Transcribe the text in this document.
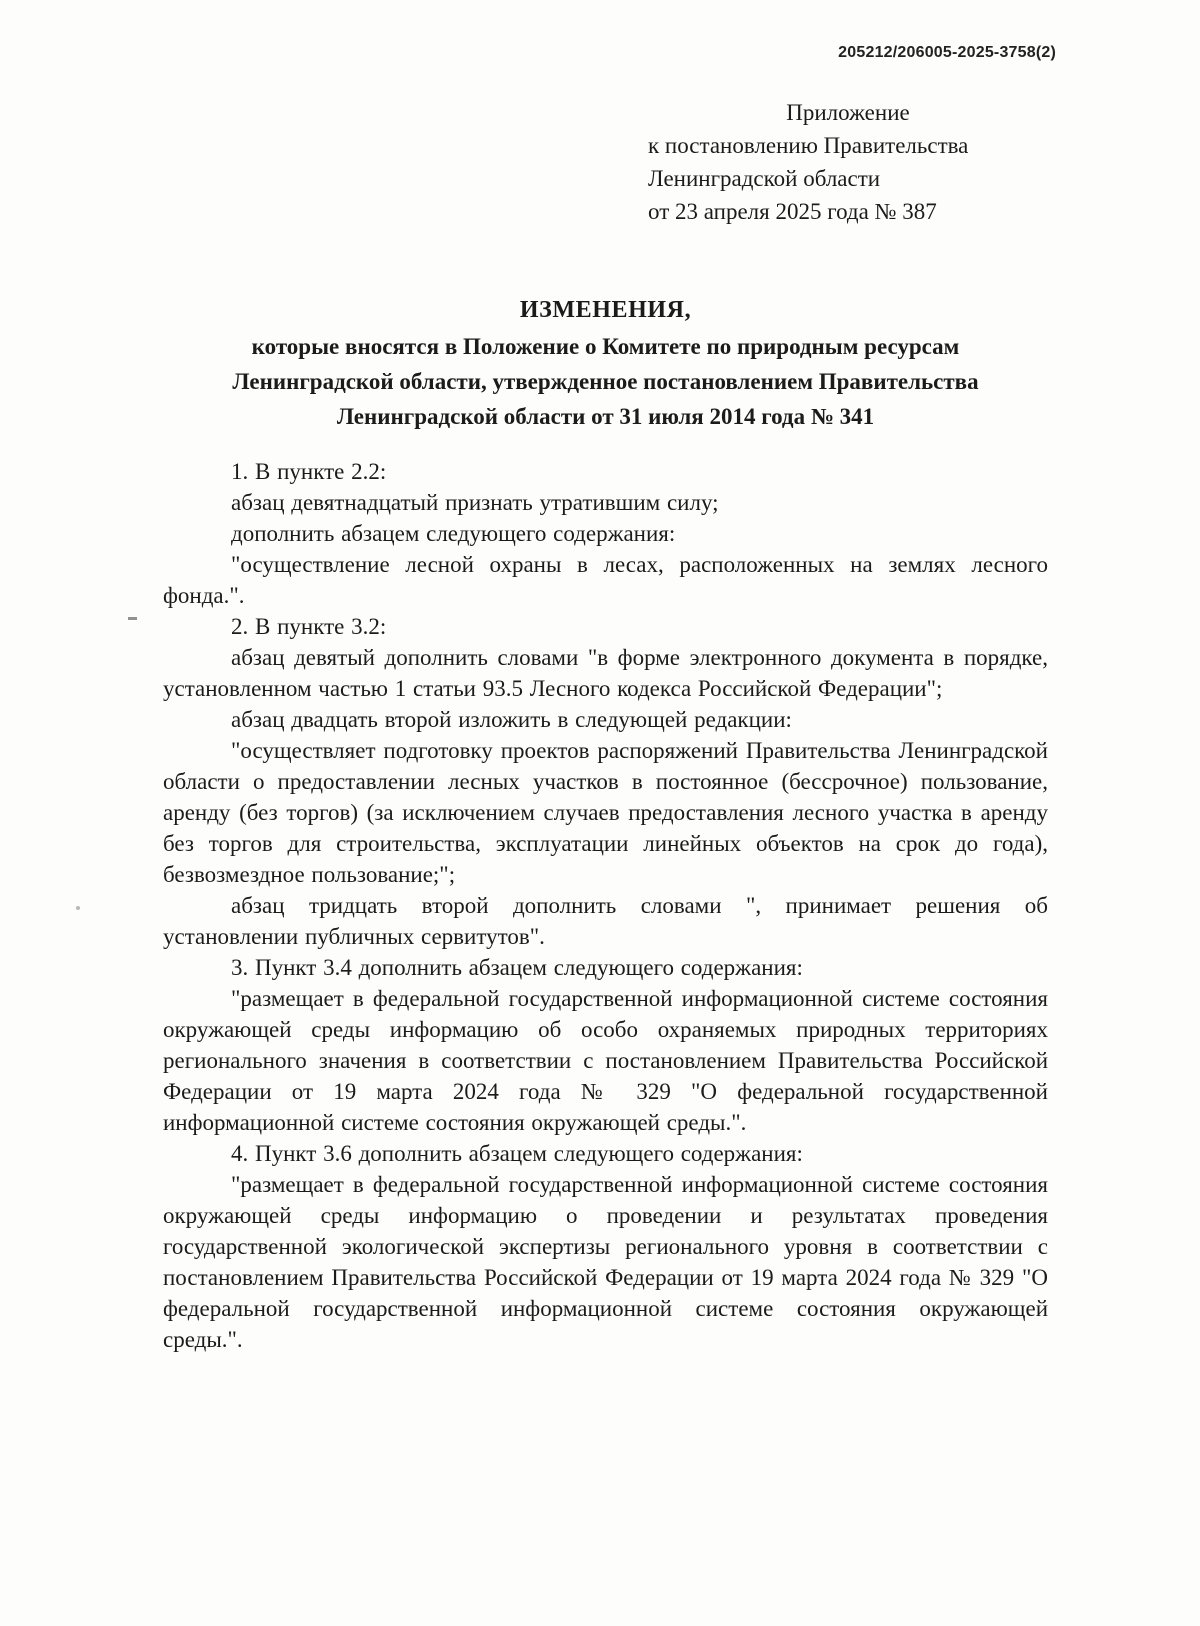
205212/206005-2025-3758(2)
Приложение
к постановлению Правительства
Ленинградской области
от 23 апреля 2025 года № 387
ИЗМЕНЕНИЯ,
которые вносятся в Положение о Комитете по природным ресурсам Ленинградской области, утвержденное постановлением Правительства Ленинградской области от 31 июля 2014 года № 341

1. В пункте 2.2:

абзац девятнадцатый признать утратившим силу;

дополнить абзацем следующего содержания:

"осуществление лесной охраны в лесах, расположенных на землях лесного фонда.".

2. В пункте 3.2:

абзац девятый дополнить словами "в форме электронного документа в порядке, установленном частью 1 статьи 93.5 Лесного кодекса Российской Федерации";

абзац двадцать второй изложить в следующей редакции:

"осуществляет подготовку проектов распоряжений Правительства Ленинградской области о предоставлении лесных участков в постоянное (бессрочное) пользование, аренду (без торгов) (за исключением случаев предоставления лесного участка в аренду без торгов для строительства, эксплуатации линейных объектов на срок до года), безвозмездное пользование;";

абзац тридцать второй дополнить словами ", принимает решения об установлении публичных сервитутов".

3. Пункт 3.4 дополнить абзацем следующего содержания:

"размещает в федеральной государственной информационной системе состояния окружающей среды информацию об особо охраняемых природных территориях регионального значения в соответствии с постановлением Правительства Российской Федерации от 19 марта 2024 года № 329 "О федеральной государственной информационной системе состояния окружающей среды.".

4. Пункт 3.6 дополнить абзацем следующего содержания:

"размещает в федеральной государственной информационной системе состояния окружающей среды информацию о проведении и результатах проведения государственной экологической экспертизы регионального уровня в соответствии с постановлением Правительства Российской Федерации от 19 марта 2024 года № 329 "О федеральной государственной информационной системе состояния окружающей среды.".
